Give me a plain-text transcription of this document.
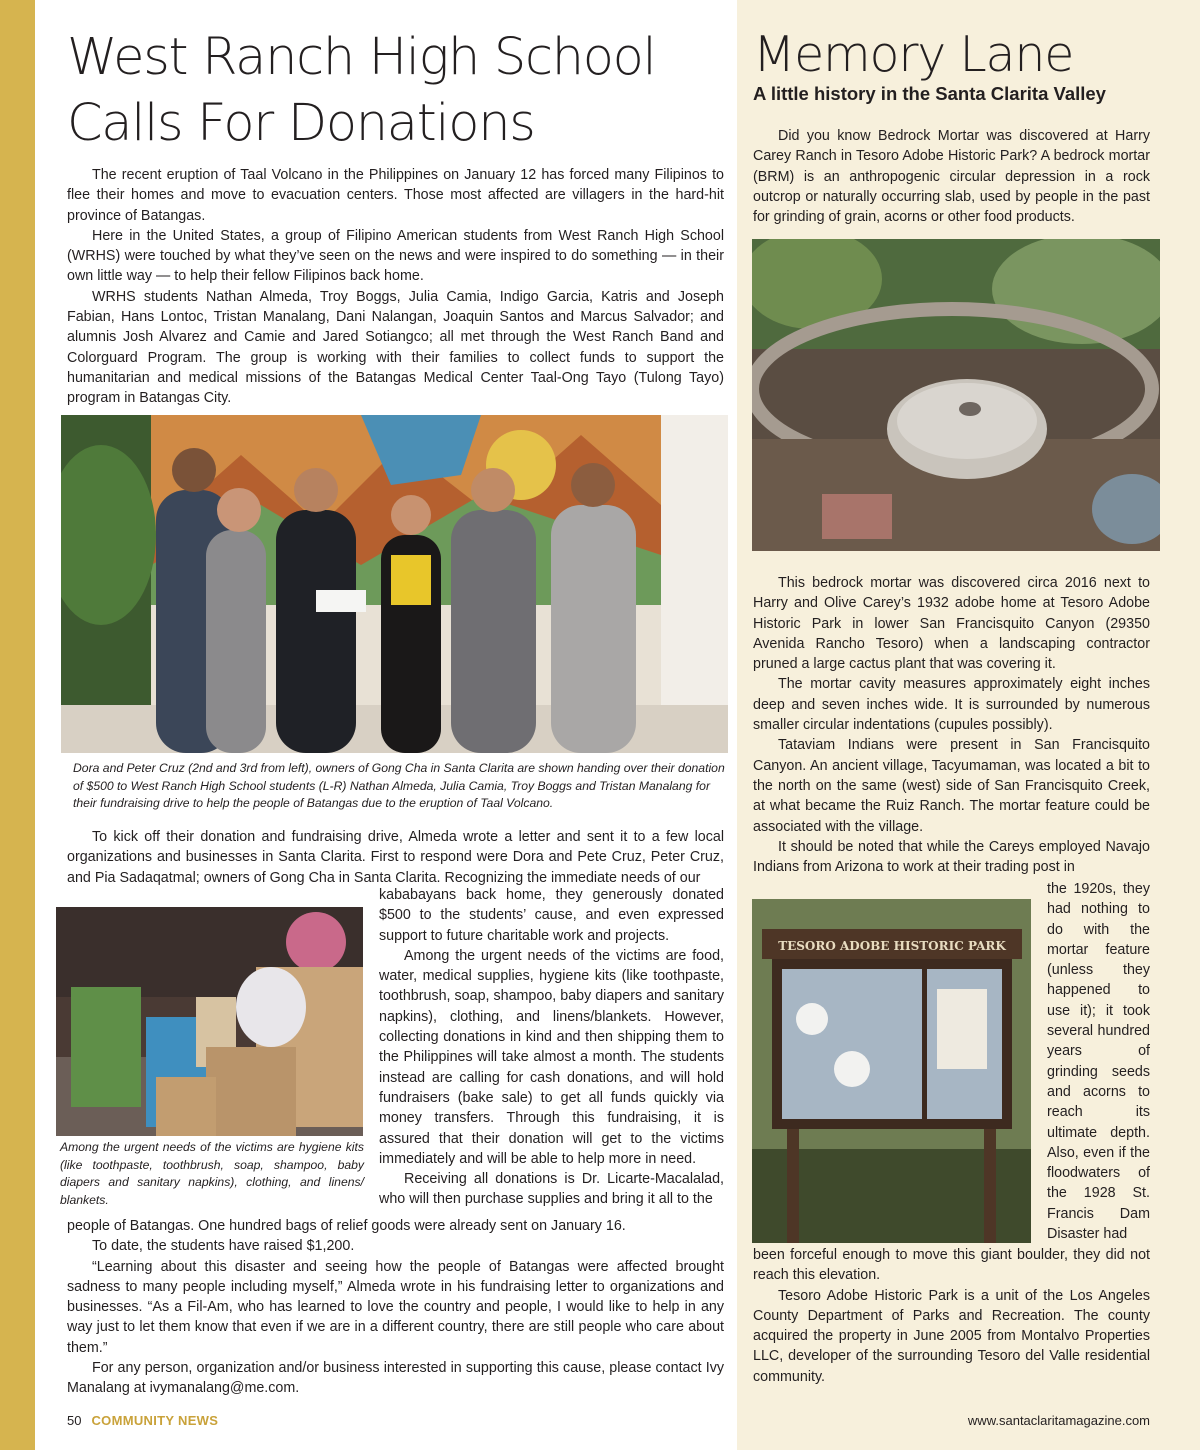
West Ranch High School
Calls For Donations

The recent eruption of Taal Volcano in the Philippines on January 12 has forced many Filipinos to flee their homes and move to evacuation centers. Those most affected are villagers in the hard-hit province of Batangas.

Here in the United States, a group of Filipino American students from West Ranch High School (WRHS) were touched by what they’ve seen on the news and were inspired to do something — in their own little way — to help their fellow Filipinos back home.

WRHS students Nathan Almeda, Troy Boggs, Julia Camia, Indigo Garcia, Katris and Joseph Fabian, Hans Lontoc, Tristan Manalang, Dani Nalangan, Joaquin Santos and Marcus Salvador; and alumnis Josh Alvarez and Camie and Jared Sotiangco; all met through the West Ranch Band and Colorguard Program. The group is working with their families to collect funds to support the humanitarian and medical missions of the Batangas Medical Center Taal-Ong Tayo (Tulong Tayo) program in Batangas City.

Dora and Peter Cruz (2nd and 3rd from left), owners of Gong Cha in Santa Clarita are shown handing over their donation of $500 to West Ranch High School students (L-R) Nathan Almeda, Julia Camia, Troy Boggs and Tristan Manalang for their fundraising drive to help the people of Batangas due to the eruption of Taal Volcano.

To kick off their donation and fundraising drive, Almeda wrote a letter and sent it to a few local organizations and businesses in Santa Clarita. First to respond were Dora and Pete Cruz, Peter Cruz, and Pia Sadaqatmal; owners of Gong Cha in Santa Clarita. Recognizing the immediate needs of our

Among the urgent needs of the victims are hygiene kits (like toothpaste, toothbrush, soap, shampoo, baby diapers and sanitary napkins), clothing, and linens/ blankets.

kababayans back home, they generously donated $500 to the students’ cause, and even expressed support to future charitable work and projects.

Among the urgent needs of the victims are food, water, medical supplies, hygiene kits (like toothpaste, toothbrush, soap, shampoo, baby diapers and sanitary napkins), clothing, and linens/blankets. However, collecting donations in kind and then shipping them to the Philippines will take almost a month. The students instead are calling for cash donations, and will hold fundraisers (bake sale) to get all funds quickly via money transfers. Through this fundraising, it is assured that their donation will get to the victims immediately and will be able to help more in need.

Receiving all donations is Dr. Licarte-Macalalad, who will then purchase supplies and bring it all to the

people of Batangas. One hundred bags of relief goods were already sent on January 16.

To date, the students have raised $1,200.

“Learning about this disaster and seeing how the people of Batangas were affected brought sadness to many people including myself,” Almeda wrote in his fundraising letter to organizations and businesses. “As a Fil-Am, who has learned to love the country and people, I would like to help in any way just to let them know that even if we are in a different country, there are still people who care about them.”

For any person, organization and/or business interested in supporting this cause, please contact Ivy Manalang at ivymanalang@me.com.

Memory Lane
A little history in the Santa Clarita Valley

Did you know Bedrock Mortar was discovered at Harry Carey Ranch in Tesoro Adobe Historic Park? A bedrock mortar (BRM) is an anthropogenic circular depression in a rock outcrop or naturally occurring slab, used by people in the past for grinding of grain, acorns or other food products.

This bedrock mortar was discovered circa 2016 next to Harry and Olive Carey’s 1932 adobe home at Tesoro Adobe Historic Park in lower San Francisquito Canyon (29350 Avenida Rancho Tesoro) when a landscaping contractor pruned a large cactus plant that was covering it.

The mortar cavity measures approximately eight inches deep and seven inches wide. It is surrounded by numerous smaller circular indentations (cupules possibly).

Tataviam Indians were present in San Francisquito Canyon. An ancient village, Tacyumaman, was located a bit to the north on the same (west) side of San Francisquito Creek, at what became the Ruiz Ranch. The mortar feature could be associated with the village.

It should be noted that while the Careys employed Navajo Indians from Arizona to work at their trading post in

TESORO ADOBE HISTORIC PARK
the 1920s, they had nothing to do with the mortar feature (unless they happened to use it); it took several hundred years of grinding seeds and acorns to reach its ultimate depth. Also, even if the floodwaters of the 1928 St. Francis Dam Disaster had

been forceful enough to move this giant boulder, they did not reach this elevation.

Tesoro Adobe Historic Park is a unit of the Los Angeles County Department of Parks and Recreation. The county acquired the property in June 2005 from Montalvo Properties LLC, developer of the surrounding Tesoro del Valle residential community.

50 COMMUNITY NEWS	www.santaclaritamagazine.com
